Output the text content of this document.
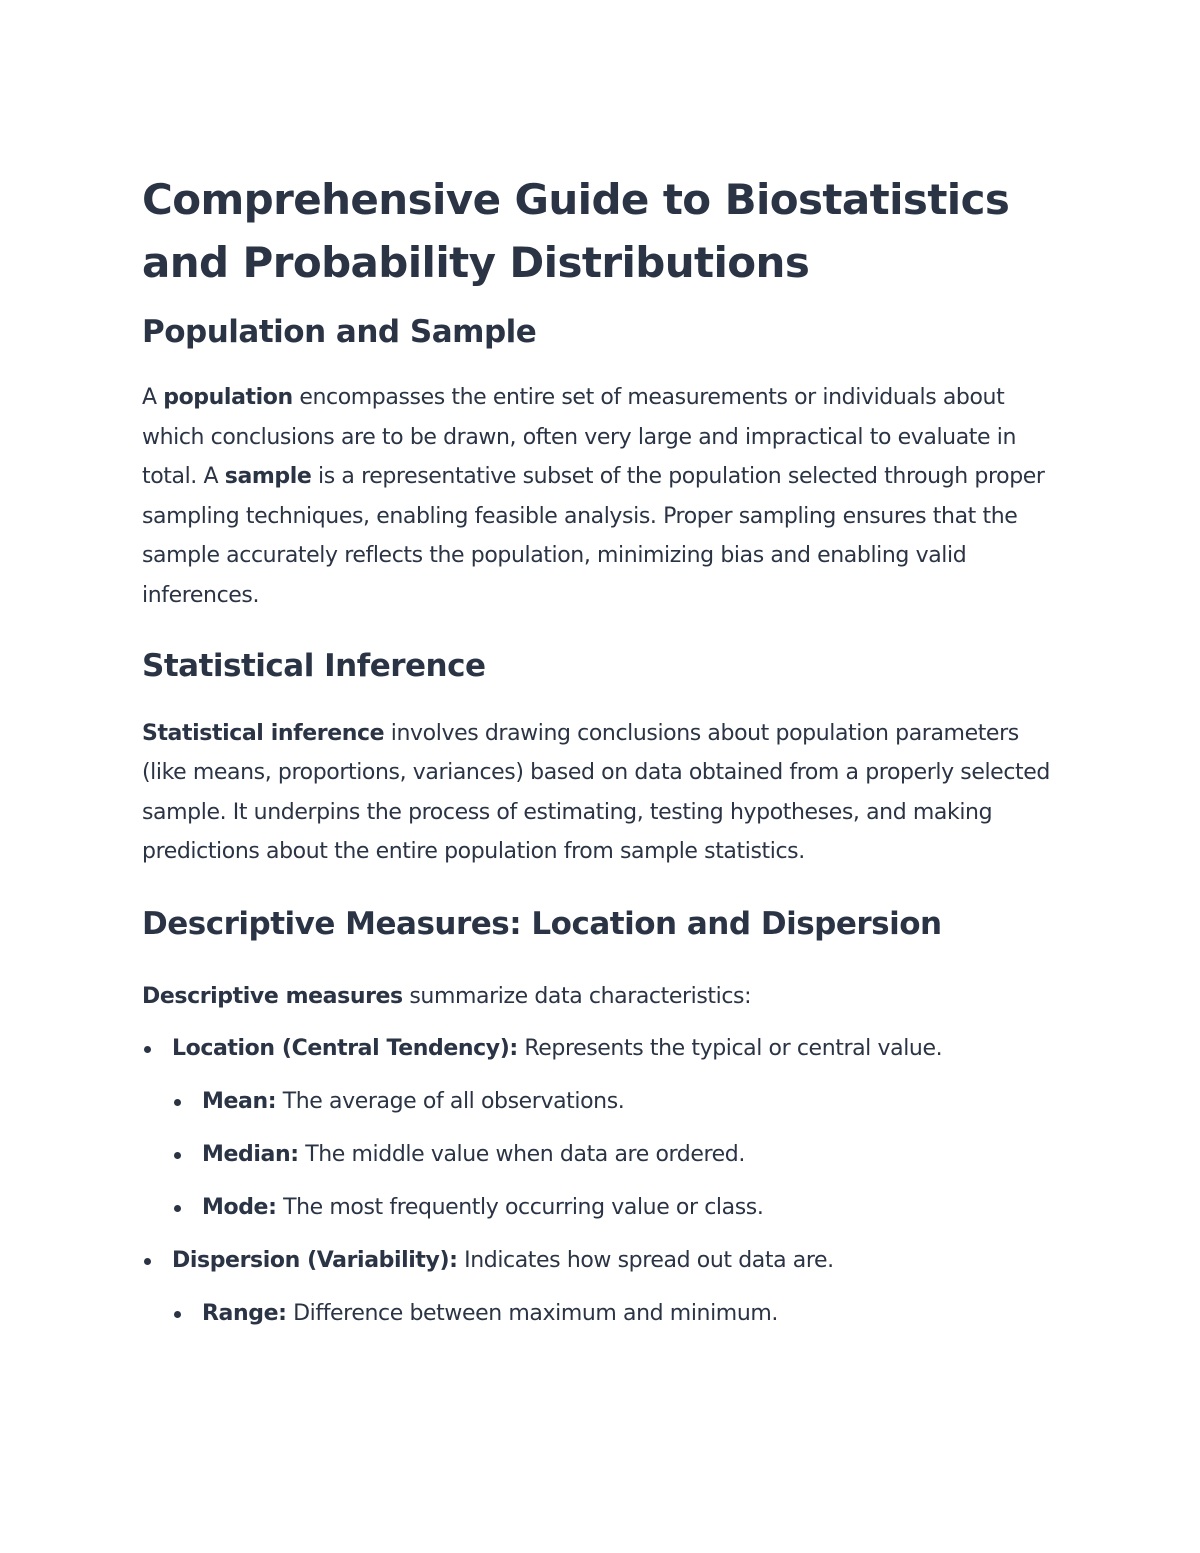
Comprehensive Guide to Biostatistics and Probability Distributions
Population and Sample

A population encompasses the entire set of measurements or individuals about which conclusions are to be drawn, often very large and impractical to evaluate in total. A sample is a representative subset of the population selected through proper sampling techniques, enabling feasible analysis. Proper sampling ensures that the sample accurately reflects the population, minimizing bias and enabling valid inferences.

Statistical Inference

Statistical inference involves drawing conclusions about population parameters (like means, proportions, variances) based on data obtained from a properly selected sample. It underpins the process of estimating, testing hypotheses, and making predictions about the entire population from sample statistics.

Descriptive Measures: Location and Dispersion

Descriptive measures summarize data characteristics:

Location (Central Tendency): Represents the typical or central value.
Mean: The average of all observations.
Median: The middle value when data are ordered.
Mode: The most frequently occurring value or class.
Dispersion (Variability): Indicates how spread out data are.
Range: Difference between maximum and minimum.
